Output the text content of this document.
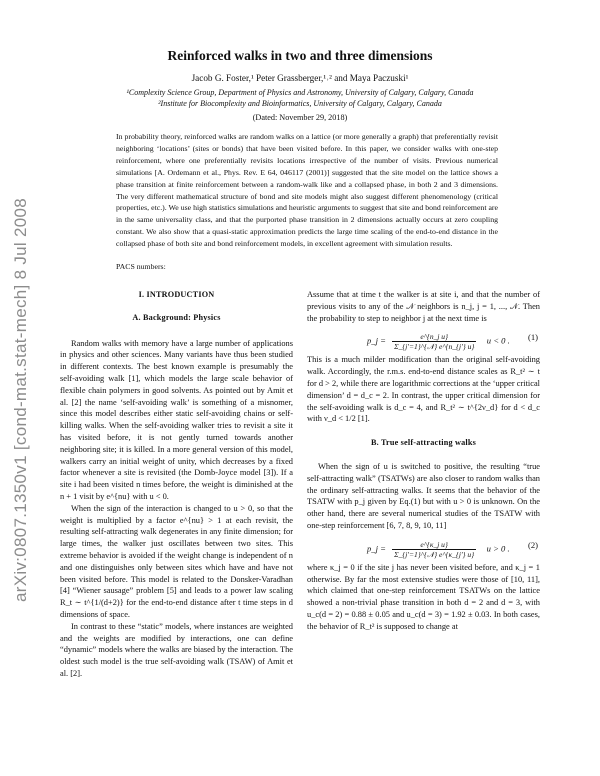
arXiv:0807.1350v1 [cond-mat.stat-mech] 8 Jul 2008
Reinforced walks in two and three dimensions
Jacob G. Foster,¹ Peter Grassberger,¹˒² and Maya Paczuski¹
¹Complexity Science Group, Department of Physics and Astronomy, University of Calgary, Calgary, Canada
²Institute for Biocomplexity and Bioinformatics, University of Calgary, Calgary, Canada
(Dated: November 29, 2018)

In probability theory, reinforced walks are random walks on a lattice (or more generally a graph) that preferentially revisit neighboring ‘locations’ (sites or bonds) that have been visited before. In this paper, we consider walks with one-step reinforcement, where one preferentially revisits locations irrespective of the number of visits. Previous numerical simulations [A. Ordemann et al., Phys. Rev. E 64, 046117 (2001)] suggested that the site model on the lattice shows a phase transition at finite reinforcement between a random-walk like and a collapsed phase, in both 2 and 3 dimensions. The very different mathematical structure of bond and site models might also suggest different phenomenology (critical properties, etc.). We use high statistics simulations and heuristic arguments to suggest that site and bond reinforcement are in the same universality class, and that the purported phase transition in 2 dimensions actually occurs at zero coupling constant. We also show that a quasi-static approximation predicts the large time scaling of the end-to-end distance in the collapsed phase of both site and bond reinforcement models, in excellent agreement with simulation results.

PACS numbers:
I. INTRODUCTION
A. Background: Physics

Random walks with memory have a large number of applications in physics and other sciences. Many variants have thus been studied in different contexts. The best known example is presumably the self-avoiding walk [1], which models the large scale behavior of flexible chain polymers in good solvents. As pointed out by Amit et al. [2] the name ‘self-avoiding walk’ is something of a misnomer, since this model describes either static self-avoiding chains or self-killing walks. When the self-avoiding walker tries to revisit a site it has visited before, it is not gently turned towards another neighboring site; it is killed. In a more general version of this model, walkers carry an initial weight of unity, which decreases by a fixed factor whenever a site is revisited (the Domb-Joyce model [3]). If a site i had been visited n times before, the weight is diminished at the n + 1 visit by e^{nu} with u < 0.

When the sign of the interaction is changed to u > 0, so that the weight is multiplied by a factor e^{nu} > 1 at each revisit, the resulting self-attracting walk degenerates in any finite dimension; for large times, the walker just oscillates between two sites. This extreme behavior is avoided if the weight change is independent of n and one distinguishes only between sites which have and have not been visited before. This model is related to the Donsker-Varadhan [4] “Wiener sausage” problem [5] and leads to a power law scaling R_t ∼ t^{1/(d+2)} for the end-to-end distance after t time steps in d dimensions of space.

In contrast to these “static” models, where instances are weighted and the weights are modified by interactions, one can define “dynamic” models where the walks are biased by the interaction. The oldest such model is the true self-avoiding walk (TSAW) of Amit et al. [2].

Assume that at time t the walker is at site i, and that the number of previous visits to any of the 𝒩 neighbors is n_j, j = 1, ..., 𝒩. Then the probability to step to neighbor j at the next time is

p_j = $\frac{\text{e\textasciicircum{}\{n\_j u\}}}{\text{Σ\_\{j'=1\}\textasciicircum{}\{𝒩\} e\textasciicircum{}\{n\_\{j'\} u\}}}$ u < 0 . (1)

This is a much milder modification than the original self-avoiding walk. Accordingly, the r.m.s. end-to-end distance scales as R_t² ∼ t for d > 2, while there are logarithmic corrections at the ‘upper critical dimension’ d = d_c = 2. In contrast, the upper critical dimension for the self-avoiding walk is d_c = 4, and R_t² ∼ t^{2ν_d} for d < d_c with ν_d < 1/2 [1].

B. True self-attracting walks

When the sign of u is switched to positive, the resulting “true self-attracting walk” (TSATWs) are also closer to random walks than the ordinary self-attracting walks. It seems that the behavior of the TSATW with p_j given by Eq.(1) but with u > 0 is unknown. On the other hand, there are several numerical studies of the TSATW with one-step reinforcement [6, 7, 8, 9, 10, 11]

p_j = $\frac{\text{e\textasciicircum{}\{κ\_j u\}}}{\text{Σ\_\{j'=1\}\textasciicircum{}\{𝒩\} e\textasciicircum{}\{κ\_\{j'\} u\}}}$ u > 0 . (2)

where κ_j = 0 if the site j has never been visited before, and κ_j = 1 otherwise. By far the most extensive studies were those of [10, 11], which claimed that one-step reinforcement TSATWs on the lattice showed a non-trivial phase transition in both d = 2 and d = 3, with u_c(d = 2) = 0.88 ± 0.05 and u_c(d = 3) = 1.92 ± 0.03. In both cases, the behavior of R_t² is supposed to change at
